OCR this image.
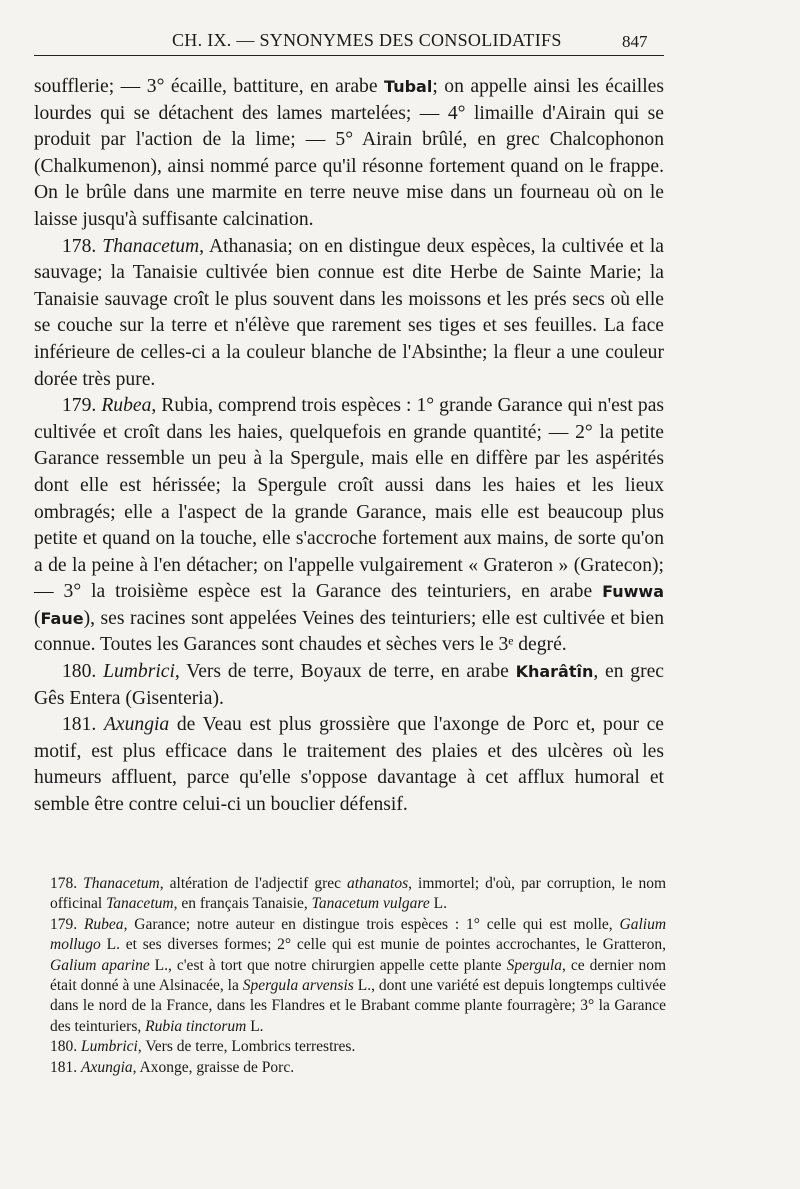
CH. IX. — SYNONYMES DES CONSOLIDATIFS	847

soufflerie; — 3° écaille, battiture, en arabe Tubal; on appelle ainsi les écailles lourdes qui se détachent des lames martelées; — 4° limaille d'Airain qui se produit par l'action de la lime; — 5° Airain brûlé, en grec Chalcophonon (Chalkumenon), ainsi nommé parce qu'il résonne fortement quand on le frappe. On le brûle dans une marmite en terre neuve mise dans un fourneau où on le laisse jusqu'à suffisante calcination.

178. Thanacetum, Athanasia; on en distingue deux espèces, la cultivée et la sauvage; la Tanaisie cultivée bien connue est dite Herbe de Sainte Marie; la Tanaisie sauvage croît le plus souvent dans les moissons et les prés secs où elle se couche sur la terre et n'élève que rarement ses tiges et ses feuilles. La face inférieure de celles-ci a la couleur blanche de l'Absinthe; la fleur a une couleur dorée très pure.

179. Rubea, Rubia, comprend trois espèces : 1° grande Garance qui n'est pas cultivée et croît dans les haies, quelquefois en grande quantité; — 2° la petite Garance ressemble un peu à la Spergule, mais elle en diffère par les aspérités dont elle est hérissée; la Spergule croît aussi dans les haies et les lieux ombragés; elle a l'aspect de la grande Garance, mais elle est beaucoup plus petite et quand on la touche, elle s'accroche fortement aux mains, de sorte qu'on a de la peine à l'en détacher; on l'appelle vulgairement « Grateron » (Gratecon); — 3° la troisième espèce est la Garance des teinturiers, en arabe Fuwwa (Faue), ses racines sont appelées Veines des teinturiers; elle est cultivée et bien connue. Toutes les Garances sont chaudes et sèches vers le 3ᵉ degré.

180. Lumbrici, Vers de terre, Boyaux de terre, en arabe Kharâtîn, en grec Gês Entera (Gisenteria).

181. Axungia de Veau est plus grossière que l'axonge de Porc et, pour ce motif, est plus efficace dans le traitement des plaies et des ulcères où les humeurs affluent, parce qu'elle s'oppose davantage à cet afflux humoral et semble être contre celui-ci un bouclier défensif.

178. Thanacetum, altération de l'adjectif grec athanatos, immortel; d'où, par corruption, le nom officinal Tanacetum, en français Tanaisie, Tanacetum vulgare L.

179. Rubea, Garance; notre auteur en distingue trois espèces : 1° celle qui est molle, Galium mollugo L. et ses diverses formes; 2° celle qui est munie de pointes accrochantes, le Gratteron, Galium aparine L., c'est à tort que notre chirurgien appelle cette plante Spergula, ce dernier nom était donné à une Alsinacée, la Spergula arvensis L., dont une variété est depuis longtemps cultivée dans le nord de la France, dans les Flandres et le Brabant comme plante fourragère; 3° la Garance des teinturiers, Rubia tinctorum L.

180. Lumbrici, Vers de terre, Lombrics terrestres.

181. Axungia, Axonge, graisse de Porc.
